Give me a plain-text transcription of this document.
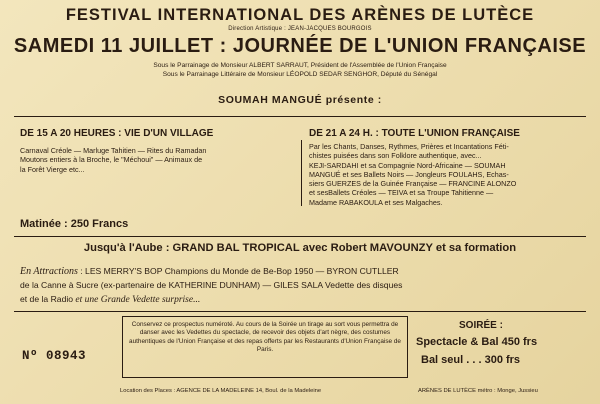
FESTIVAL INTERNATIONAL DES ARÈNES DE LUTÈCE
Direction Artistique : JEAN-JACQUES BOURGOIS
SAMEDI 11 JUILLET : JOURNÉE DE L'UNION FRANÇAISE
Sous le Parrainage de Monsieur ALBERT SARRAUT, Président de l'Assemblée de l'Union Française
Sous le Parrainage Littéraire de Monsieur LÉOPOLD SEDAR SENGHOR, Député du Sénégal
SOUMAH MANGUÉ présente :
DE 15 A 20 HEURES : VIE D'UN VILLAGE
Carnaval Créole — Marluge Tahitien — Rites du Ramadan
Moutons entiers à la Broche, le "Méchoui" — Animaux de
la Forêt Vierge etc...
DE 21 A 24 H. : TOUTE L'UNION FRANÇAISE
Par les Chants, Danses, Rythmes, Prières et Incantations Féti-
chistes puisées dans son Folklore authentique, avec...
KEJI-SARDAHI et sa Compagnie Nord-Africaine — SOUMAH
MANGUÉ et ses Ballets Noirs — Jongleurs FOULAHS, Echas-
siers GUERZES de la Guinée Française — FRANCINE ALONZO
et sesBallets Créoles — TEIVA et sa Troupe Tahitienne —
Madame RABAKOULA et ses Malgaches.
Matinée : 250 Francs
Jusqu'à l'Aube : GRAND BAL TROPICAL avec Robert MAVOUNZY et sa formation
En Attractions : LES MERRY'S BOP Champions du Monde de Be-Bop 1950 — BYRON CUTLLER
de la Canne à Sucre (ex-partenaire de KATHERINE DUNHAM) — GILES SALA Vedette des disques
et de la Radio et une Grande Vedette surprise...
Nº 08943
Conservez ce prospectus numéroté. Au cours de la Soirée un tirage au sort vous permettra de danser avec les Vedettes du spectacle, de recevoir des objets d'art nègre, des costumes authentiques de l'Union Française et des repas offerts par les Restaurants d'Union Française de Paris.
SOIRÉE :
Spectacle & Bal 450 frs
Bal seul . . . 300 frs
Location des Places : AGENCE DE LA MADELEINE 14, Boul. de la Madeleine	ARÈNES DE LUTÈCE métro : Monge, Jussieu
